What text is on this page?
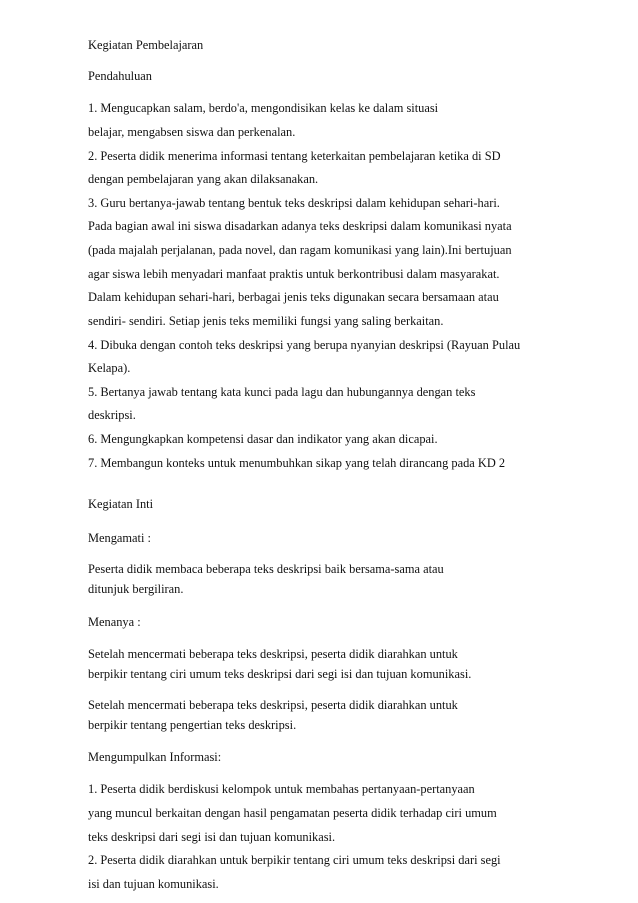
Kegiatan Pembelajaran
Pendahuluan
1. Mengucapkan salam, berdo'a, mengondisikan kelas ke dalam situasi
belajar, mengabsen siswa dan perkenalan.
2. Peserta didik menerima informasi tentang keterkaitan pembelajaran ketika di SD
dengan pembelajaran yang akan dilaksanakan.
3. Guru bertanya-jawab tentang bentuk teks deskripsi dalam kehidupan sehari-hari.
Pada bagian awal ini siswa disadarkan adanya teks deskripsi dalam komunikasi nyata
(pada majalah perjalanan, pada novel, dan ragam komunikasi yang lain).Ini bertujuan
agar siswa lebih menyadari manfaat praktis untuk berkontribusi dalam masyarakat.
Dalam kehidupan sehari-hari, berbagai jenis teks digunakan secara bersamaan atau
sendiri- sendiri. Setiap jenis teks memiliki fungsi yang saling berkaitan.
4. Dibuka dengan contoh teks deskripsi yang berupa nyanyian deskripsi (Rayuan Pulau
Kelapa).
5. Bertanya jawab tentang kata kunci pada lagu dan hubungannya dengan teks
deskripsi.
6. Mengungkapkan kompetensi dasar dan indikator yang akan dicapai.
7. Membangun konteks untuk menumbuhkan sikap yang telah dirancang pada KD 2
Kegiatan Inti
Mengamati :
Peserta didik membaca beberapa teks deskripsi baik bersama-sama atau
ditunjuk bergiliran.
Menanya :
Setelah mencermati beberapa teks deskripsi, peserta didik diarahkan untuk
berpikir tentang ciri umum teks deskripsi dari segi isi dan tujuan komunikasi.
Setelah mencermati beberapa teks deskripsi, peserta didik diarahkan untuk
berpikir tentang pengertian teks deskripsi.
Mengumpulkan Informasi:
1. Peserta didik berdiskusi kelompok untuk membahas pertanyaan-pertanyaan
yang muncul berkaitan dengan hasil pengamatan peserta didik terhadap ciri umum
teks deskripsi dari segi isi dan tujuan komunikasi.
2. Peserta didik diarahkan untuk berpikir tentang ciri umum teks deskripsi dari segi
isi dan tujuan komunikasi.
